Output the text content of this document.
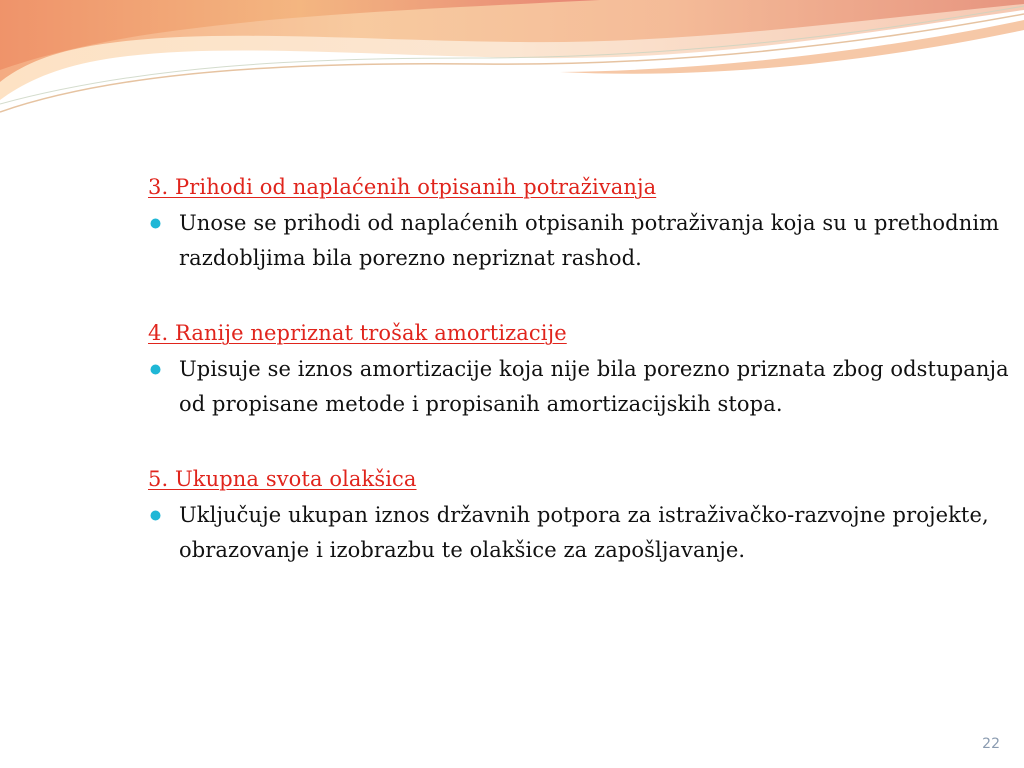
3. Prihodi od naplaćenih otpisanih potraživanja

Unose se prihodi od naplaćenih otpisanih potraživanja koja su u prethodnim razdobljima bila porezno nepriznat rashod.

4. Ranije nepriznat trošak amortizacije

Upisuje se iznos amortizacije koja nije bila porezno priznata zbog odstupanja od propisane metode i propisanih amortizacijskih stopa.

5. Ukupna svota olakšica

Uključuje ukupan iznos državnih potpora za istraživačko-razvojne projekte, obrazovanje i izobrazbu te olakšice za zapošljavanje.
22
